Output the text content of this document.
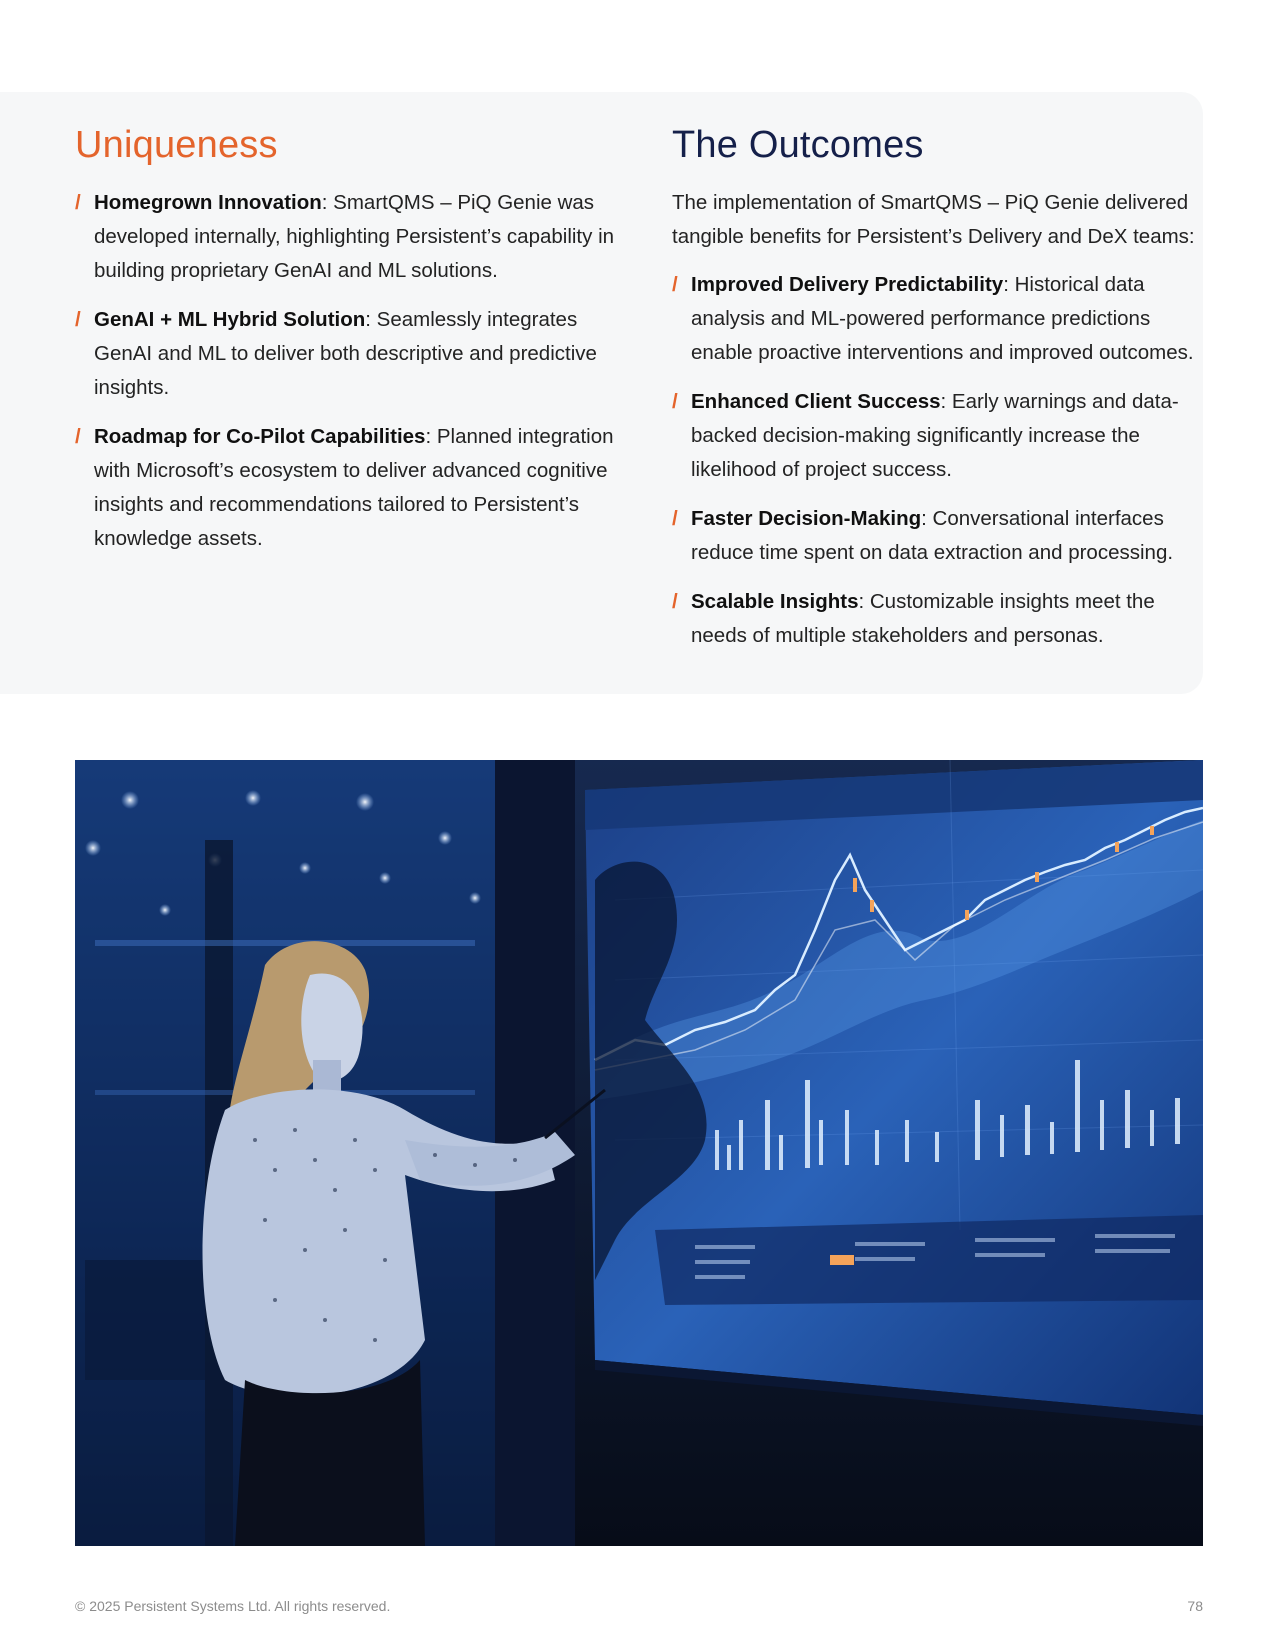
Uniqueness
/ Homegrown Innovation: SmartQMS – PiQ Genie was developed internally, highlighting Persistent’s capability in building proprietary GenAI and ML solutions.
/ GenAI + ML Hybrid Solution: Seamlessly integrates GenAI and ML to deliver both descriptive and predictive insights.
/ Roadmap for Co-Pilot Capabilities: Planned integration with Microsoft’s ecosystem to deliver advanced cognitive insights and recommendations tailored to Persistent’s knowledge assets.
The Outcomes

The implementation of SmartQMS – PiQ Genie delivered tangible benefits for Persistent’s Delivery and DeX teams:

/ Improved Delivery Predictability: Historical data analysis and ML-powered performance predictions enable proactive interventions and improved outcomes.
/ Enhanced Client Success: Early warnings and data-backed decision-making significantly increase the likelihood of project success.
/ Faster Decision-Making: Conversational interfaces reduce time spent on data extraction and processing.
/ Scalable Insights: Customizable insights meet the needs of multiple stakeholders and personas.
© 2025 Persistent Systems Ltd. All rights reserved.	78
